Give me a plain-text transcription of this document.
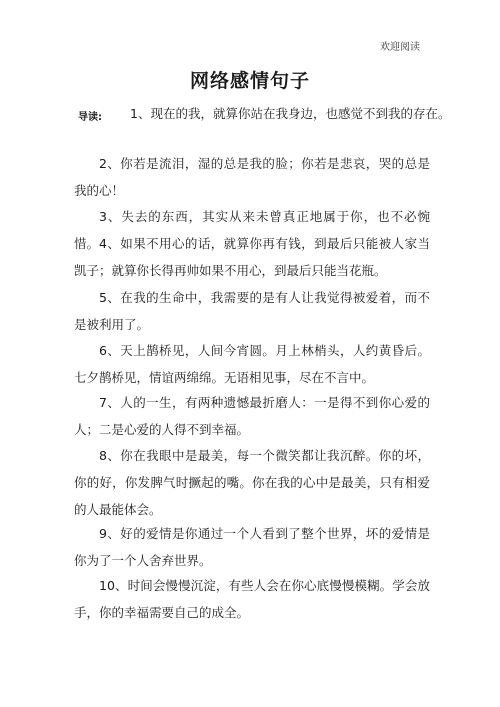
欢迎阅读
网络感情句子
导读: 1、现在的我，就算你站在我身边，也感觉不到我的存在。
2、你若是流泪，湿的总是我的脸；你若是悲哀，哭的总是我的心！
3、失去的东西，其实从来未曾真正地属于你，也不必惋惜。 4、如果不用心的话，就算你再有钱，到最后只能被人家当凯子；就算你长得再帅如果不用心，到最后只能当花瓶。
5、在我的生命中，我需要的是有人让我觉得被爱着，而不是被利用了。
6、天上鹊桥见，人间今宵圆。月上林梢头，人约黄昏后。七夕鹊桥见，情谊两绵绵。无语相见事，尽在不言中。
7、人的一生，有两种遗憾最折磨人：一是得不到你心爱的人；二是心爱的人得不到幸福。
8、你在我眼中是最美，每一个微笑都让我沉醉。你的坏，你的好，你发脾气时撅起的嘴。你在我的心中是最美，只有相爱的人最能体会。
9、好的爱情是你通过一个人看到了整个世界，坏的爱情是你为了一个人舍弃世界。
10、时间会慢慢沉淀，有些人会在你心底慢慢模糊。学会放手，你的幸福需要自己的成全。
